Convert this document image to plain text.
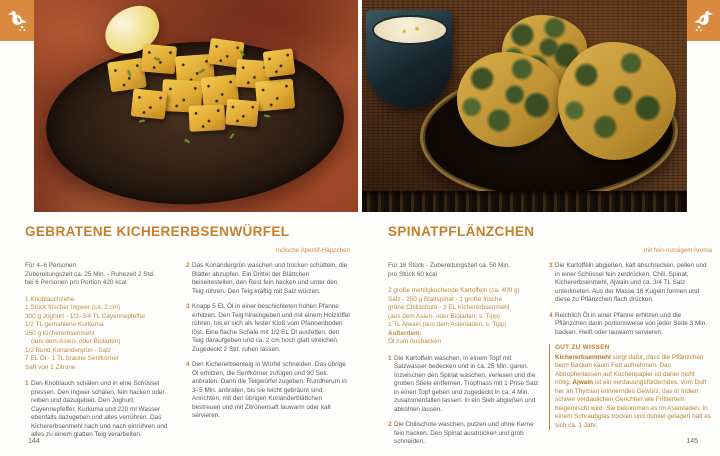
GEBRATENE KICHERERBSENWÜRFEL
Indische Aperitif-Häppchen
Für 4–6 Personen
Zubereitungszeit ca. 25 Min. - Ruhezeit 2 Std.
bei 6 Personen pro Portion 420 kcal
1 Knoblauchzehe
1 Stück frischer Ingwer (ca. 2 cm)
300 g Joghurt - 1/2–3/4 TL Cayennepfeffer
1/2 TL gemahlene Kurkuma
250 g Kichererbsenmehl
(aus dem Asien- oder Bioladen)
1/2 Bund Koriandergrün - Salz
7 EL Öl - 1 TL braune Senfkörner
Saft von 1 Zitrone
1 Den Knoblauch schälen und in eine Schüssel pressen. Den Ingwer schälen, fein hacken oder reiben und dazugeben. Den Joghurt, Cayennepfeffer, Kurkuma und 220 ml Wasser ebenfalls dazugeben und alles verrühren. Das Kichererbsenmehl nach und nach einrühren und alles zu einem glatten Teig verarbeiten.
2 Das Koriandergrün waschen und trocken schütteln, die Blätter abzupfen. Ein Drittel der Blättchen beiseitestellen, den Rest fein hacken und unter den Teig rühren. Den Teig kräftig mit Salz würzen.
3 Knapp 5 EL Öl in einer beschichteten hohen Pfanne erhitzen. Den Teig hineingeben und mit einem Holzlöffel rühren, bis er sich als fester Kloß vom Pfannenboden löst. Eine flache Schale mit 1/2 EL Öl ausfetten, den Teig daraufgeben und ca. 2 cm hoch glatt streichen. Zugedeckt 2 Std. ruhen lassen.
4 Den Kichererbsenteig in Würfel schneiden. Das übrige Öl erhitzen, die Senfkörner zufügen und 30 Sek. anbraten. Dann die Teigwürfel zugeben. Rundherum in 3–5 Min. anbraten, bis sie leicht gebräunt sind. Anrichten, mit den übrigen Korianderblättchen bestreuen und mit Zitronensaft lauwarm oder kalt servieren.
144
SPINATPFLÄNZCHEN
mit fein-nussigem Aroma
Für 16 Stück - Zubereitungszeit ca. 50 Min.
pro Stück 60 kcal
2 große mehligkochende Kartoffeln (ca. 400 g)
Salz - 250 g Blattspinat - 1 große frische
grüne Chilischote - 3 EL Kichererbsenmehl
(aus dem Asien- oder Bioladen, s. Tipp)
1 TL Ajwain (aus dem Asienladen, s. Tipp)
Außerdem:
Öl zum Ausbacken
1 Die Kartoffeln waschen, in einem Topf mit Salzwasser bedecken und in ca. 25 Min. garen. Inzwischen den Spinat waschen, verlesen und die groben Stiele entfernen. Tropfnass mit 1 Prise Salz in einen Topf geben und zugedeckt in ca. 4 Min. zusammenfallen lassen. In ein Sieb abgießen und abkühlen lassen.
2 Die Chilischote waschen, putzen und ohne Kerne fein hacken. Den Spinat ausdrücken und grob schneiden.
3 Die Kartoffeln abgießen, kalt abschrecken, pellen und in einer Schüssel fein zerdrücken. Chili, Spinat, Kichererbsenmehl, Ajwain und ca. 3/4 TL Salz unterkneten. Aus der Masse 16 Kugeln formen und diese zu Pflänzchen flach drücken.
4 Reichlich Öl in einer Pfanne erhitzen und die Pflänzchen darin portionsweise von jeder Seite 3 Min. backen. Heiß oder lauwarm servieren.
GUT ZU WISSEN
Kichererbsenmehl sorgt dafür, dass die Pflänzchen beim Backen kaum Fett aufnehmen. Das Abtropfenlassen auf Küchenpapier ist daher nicht nötig. Ajwain ist ein verdauungsförderndes, vom Duft her an Thymian erinnerndes Gewürz, das in Indien schwer verdaulichen Gerichten wie Frittiertem beigemischt wird. Sie bekommen es im Asienladen. In einem Schraubglas trocken und dunkel gelagert hält es sich ca. 1 Jahr.
145
